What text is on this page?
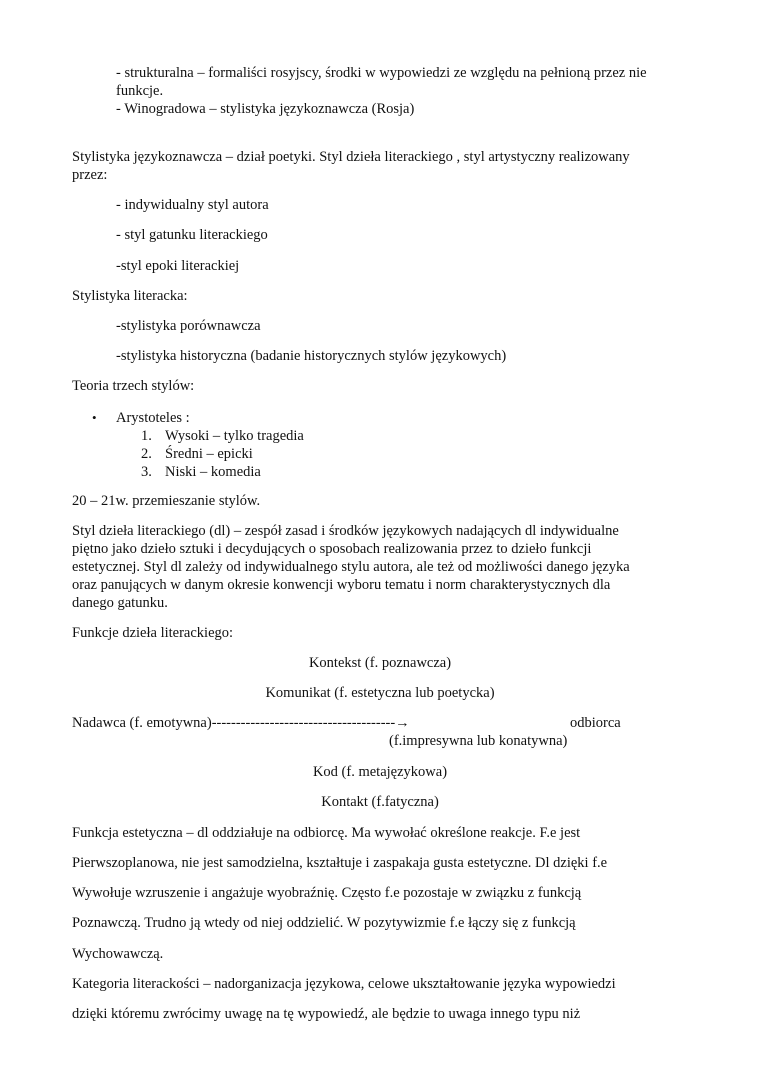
- strukturalna – formaliści rosyjscy, środki w wypowiedzi ze względu na pełnioną przez nie
funkcje.
- Winogradowa – stylistyka językoznawcza (Rosja)
Stylistyka językoznawcza – dział poetyki. Styl dzieła literackiego , styl artystyczny realizowany
przez:
- indywidualny styl autora
- styl gatunku literackiego
-styl epoki literackiej
Stylistyka literacka:
-stylistyka porównawcza
-stylistyka historyczna (badanie historycznych stylów językowych)
Teoria trzech stylów:
• Arystoteles :
1. Wysoki – tylko tragedia
2. Średni – epicki
3. Niski – komedia
20 – 21w. przemieszanie stylów.
Styl dzieła literackiego (dl) – zespół zasad i środków językowych nadających dl indywidualne
piętno jako dzieło sztuki i decydujących o sposobach realizowania przez to dzieło funkcji
estetycznej. Styl dl zależy od indywidualnego stylu autora, ale też od możliwości danego języka
oraz panujących w danym okresie konwencji wyboru tematu i norm charakterystycznych dla
danego gatunku.
Funkcje dzieła literackiego:
Kontekst (f. poznawcza)
Komunikat (f. estetyczna lub poetycka)
Nadawca (f. emotywna)--------------------------------------→	odbiorca
(f.impresywna lub konatywna)
Kod (f. metajęzykowa)
Kontakt (f.fatyczna)
Funkcja estetyczna – dl oddziałuje na odbiorcę. Ma wywołać określone reakcje. F.e jest
Pierwszoplanowa, nie jest samodzielna, kształtuje i zaspakaja gusta estetyczne. Dl dzięki f.e
Wywołuje wzruszenie i angażuje wyobraźnię. Często f.e pozostaje w związku z funkcją
Poznawczą. Trudno ją wtedy od niej oddzielić. W pozytywizmie f.e łączy się z funkcją
Wychowawczą.
Kategoria literackości – nadorganizacja językowa, celowe ukształtowanie języka wypowiedzi
dzięki któremu zwrócimy uwagę na tę wypowiedź, ale będzie to uwaga innego typu niż
